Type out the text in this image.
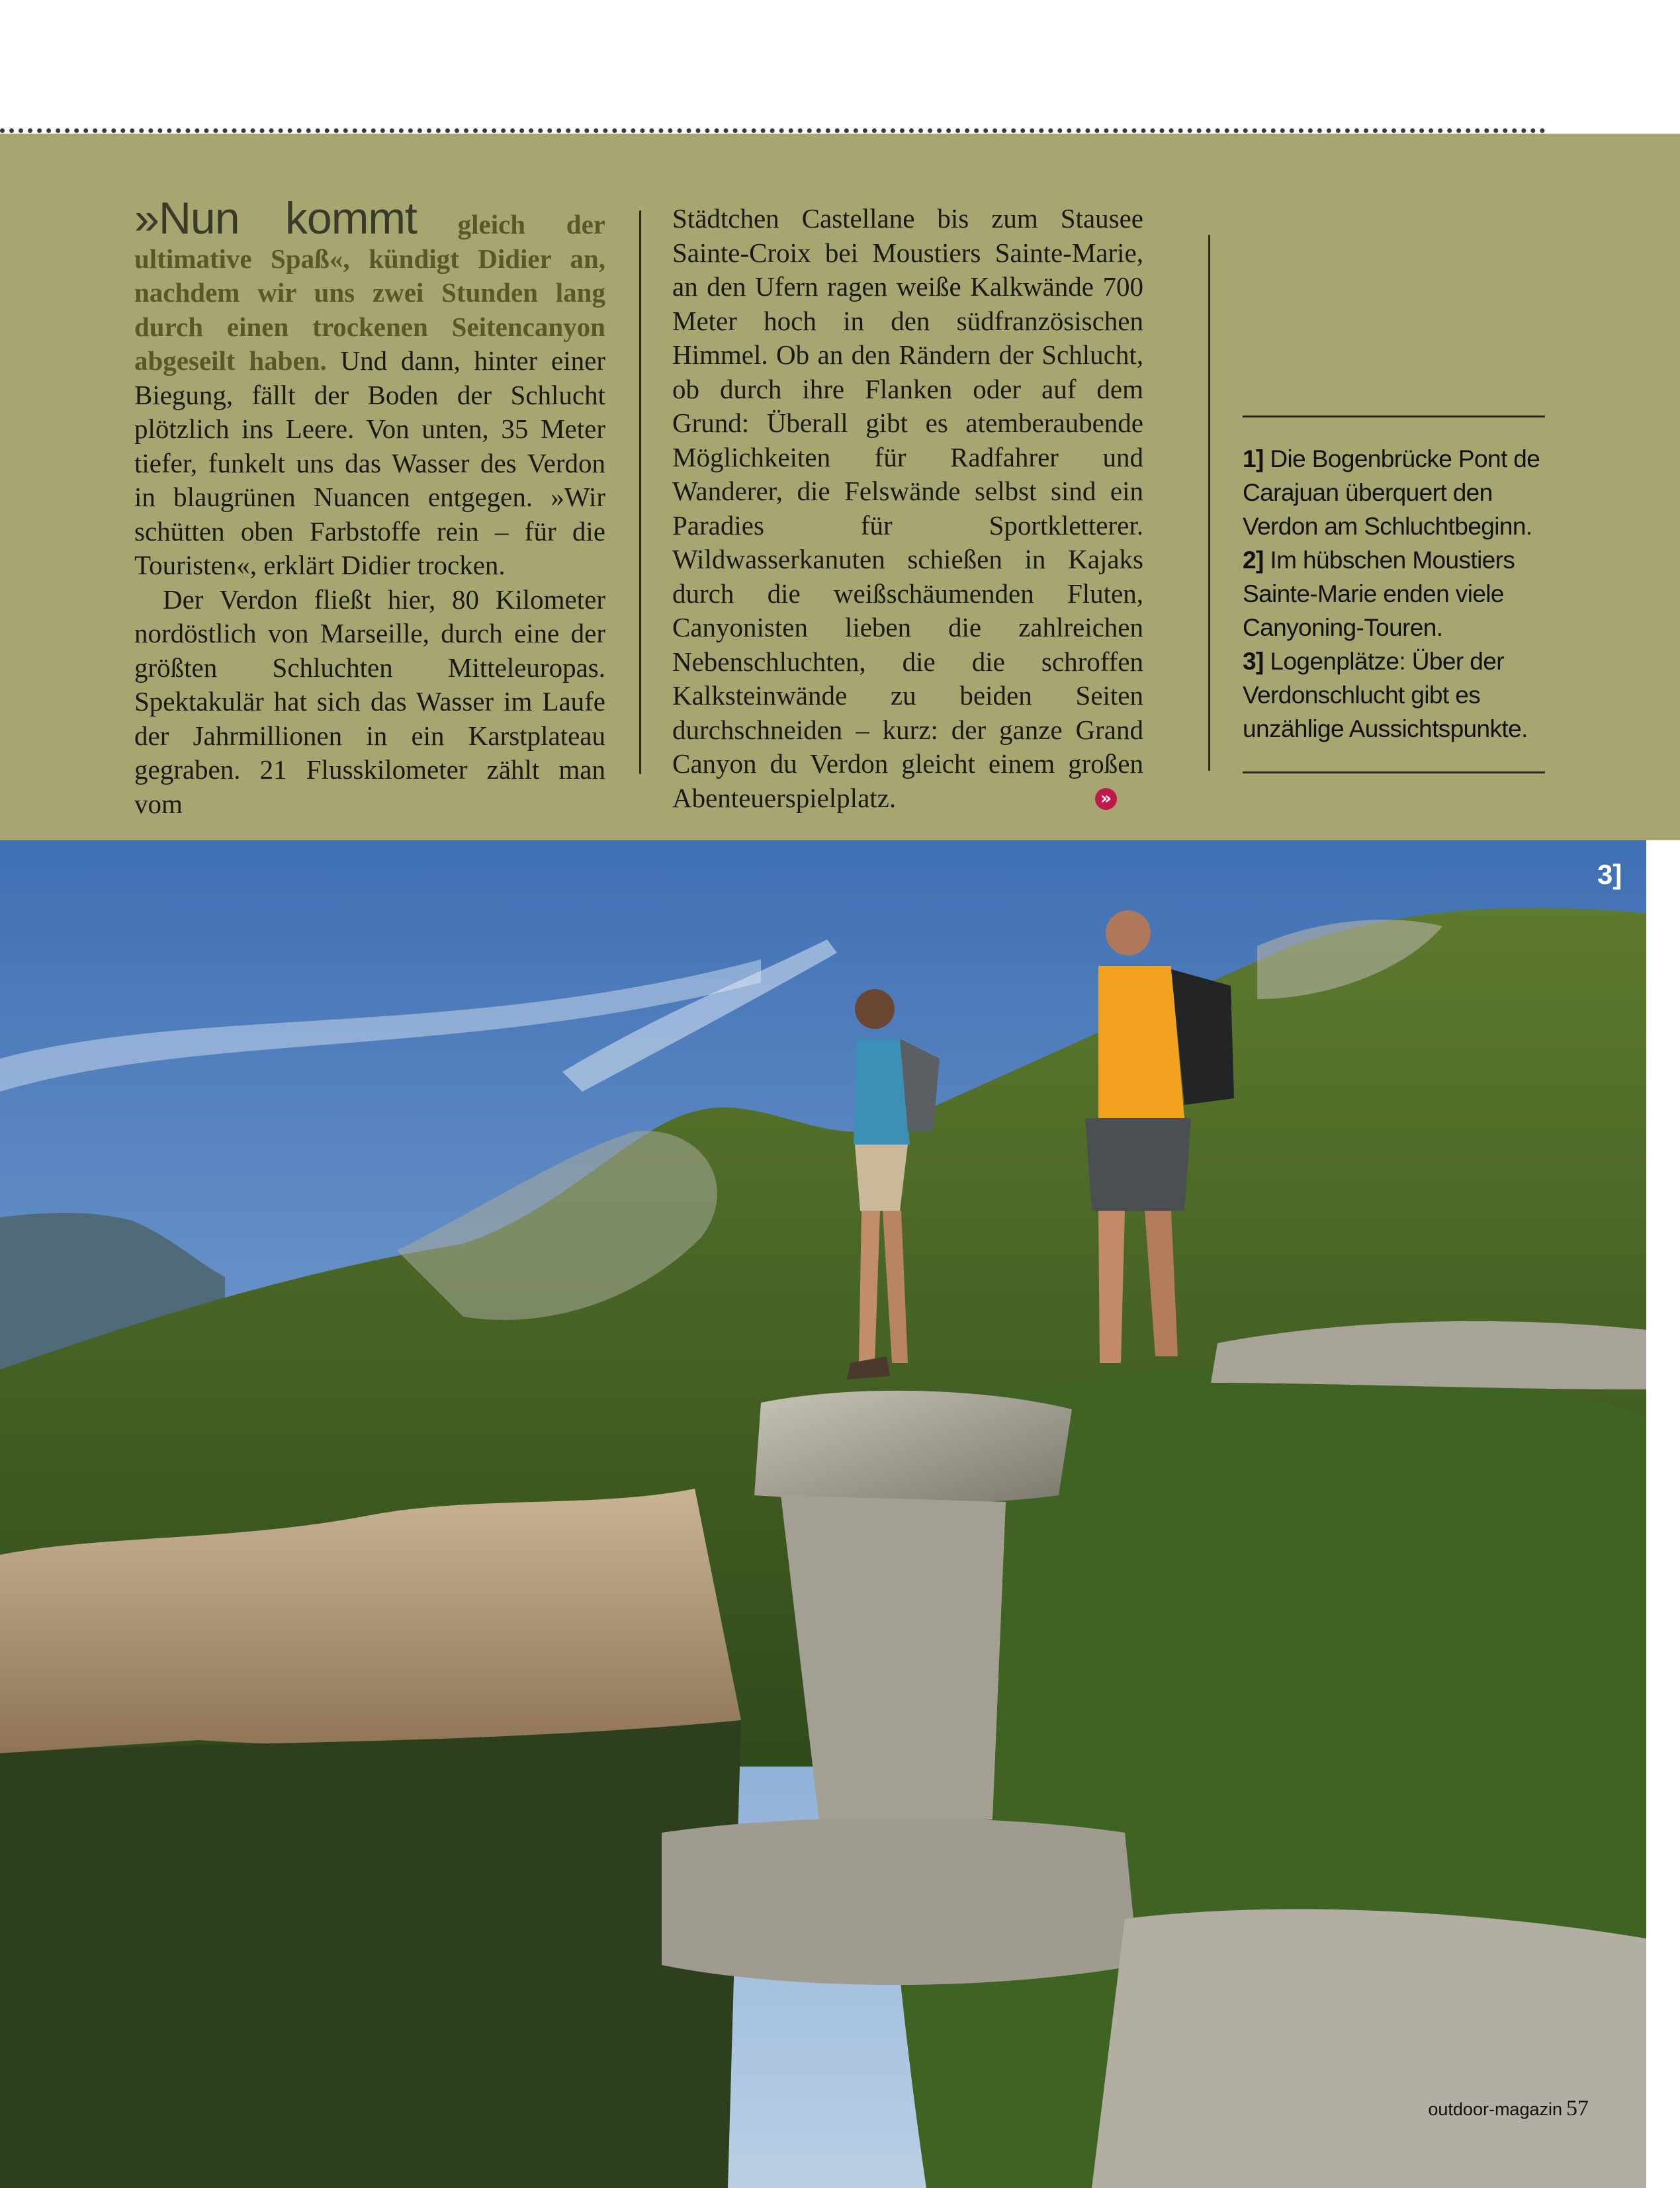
»Nun kommt gleich der ultimative Spaß«, kündigt Didier an, nachdem wir uns zwei Stunden lang durch einen trockenen Seitencanyon abgeseilt haben. Und dann, hinter einer Biegung, fällt der Boden der Schlucht plötzlich ins Leere. Von unten, 35 Meter tiefer, funkelt uns das Wasser des Verdon in blaugrünen Nuancen entgegen. »Wir schütten oben Farbstoffe rein – für die Touristen«, erklärt Didier trocken.

Der Verdon fließt hier, 80 Kilometer nordöstlich von Marseille, durch eine der größten Schluchten Mitteleuropas. Spektakulär hat sich das Wasser im Laufe der Jahrmillionen in ein Karstplateau gegraben. 21 Flusskilometer zählt man vom

Städtchen Castellane bis zum Stausee Sainte-Croix bei Moustiers Sainte-Marie, an den Ufern ragen weiße Kalkwände 700 Meter hoch in den südfranzösischen Himmel. Ob an den Rändern der Schlucht, ob durch ihre Flanken oder auf dem Grund: Überall gibt es atemberaubende Möglichkeiten für Radfahrer und Wanderer, die Felswände selbst sind ein Paradies für Sportkletterer. Wildwasserkanuten schießen in Kajaks durch die weißschäumenden Fluten, Canyonisten lieben die zahlreichen Nebenschluchten, die die schroffen Kalksteinwände zu beiden Seiten durchschneiden – kurz: der ganze Grand Canyon du Verdon gleicht einem großen Abenteuerspielplatz.	»

1] Die Bogenbrücke Pont de Carajuan überquert den Verdon am Schluchtbeginn.

2] Im hübschen Moustiers Sainte-Marie enden viele Canyoning-Touren.

3] Logenplätze: Über der Verdonschlucht gibt es unzählige Aussichtspunkte.

3]
outdoor-magazin 57
